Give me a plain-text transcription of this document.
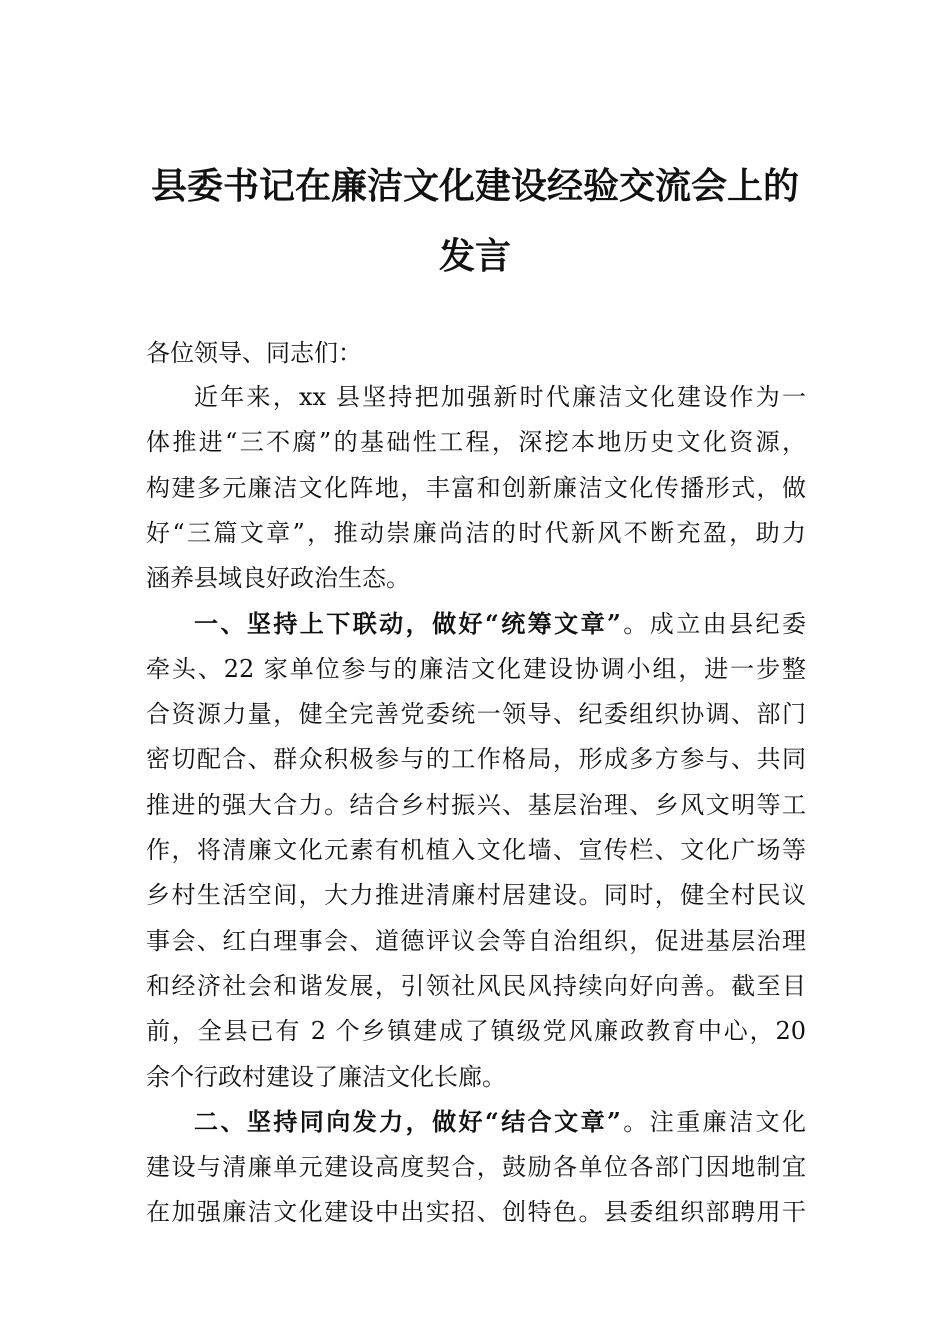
县委书记在廉洁文化建设经验交流会上的
发言
各位领导、同志们：
近年来，xx 县坚持把加强新时代廉洁文化建设作为一
体推进“三不腐”的基础性工程，深挖本地历史文化资源，
构建多元廉洁文化阵地，丰富和创新廉洁文化传播形式，做
好“三篇文章”，推动崇廉尚洁的时代新风不断充盈，助力
涵养县域良好政治生态。
一、坚持上下联动，做好“统筹文章”。成立由县纪委
牵头、22 家单位参与的廉洁文化建设协调小组，进一步整
合资源力量，健全完善党委统一领导、纪委组织协调、部门
密切配合、群众积极参与的工作格局，形成多方参与、共同
推进的强大合力。结合乡村振兴、基层治理、乡风文明等工
作，将清廉文化元素有机植入文化墙、宣传栏、文化广场等
乡村生活空间，大力推进清廉村居建设。同时，健全村民议
事会、红白理事会、道德评议会等自治组织，促进基层治理
和经济社会和谐发展，引领社风民风持续向好向善。截至目
前，全县已有 2 个乡镇建成了镇级党风廉政教育中心，20
余个行政村建设了廉洁文化长廊。
二、坚持同向发力，做好“结合文章”。注重廉洁文化
建设与清廉单元建设高度契合，鼓励各单位各部门因地制宜
在加强廉洁文化建设中出实招、创特色。县委组织部聘用干
